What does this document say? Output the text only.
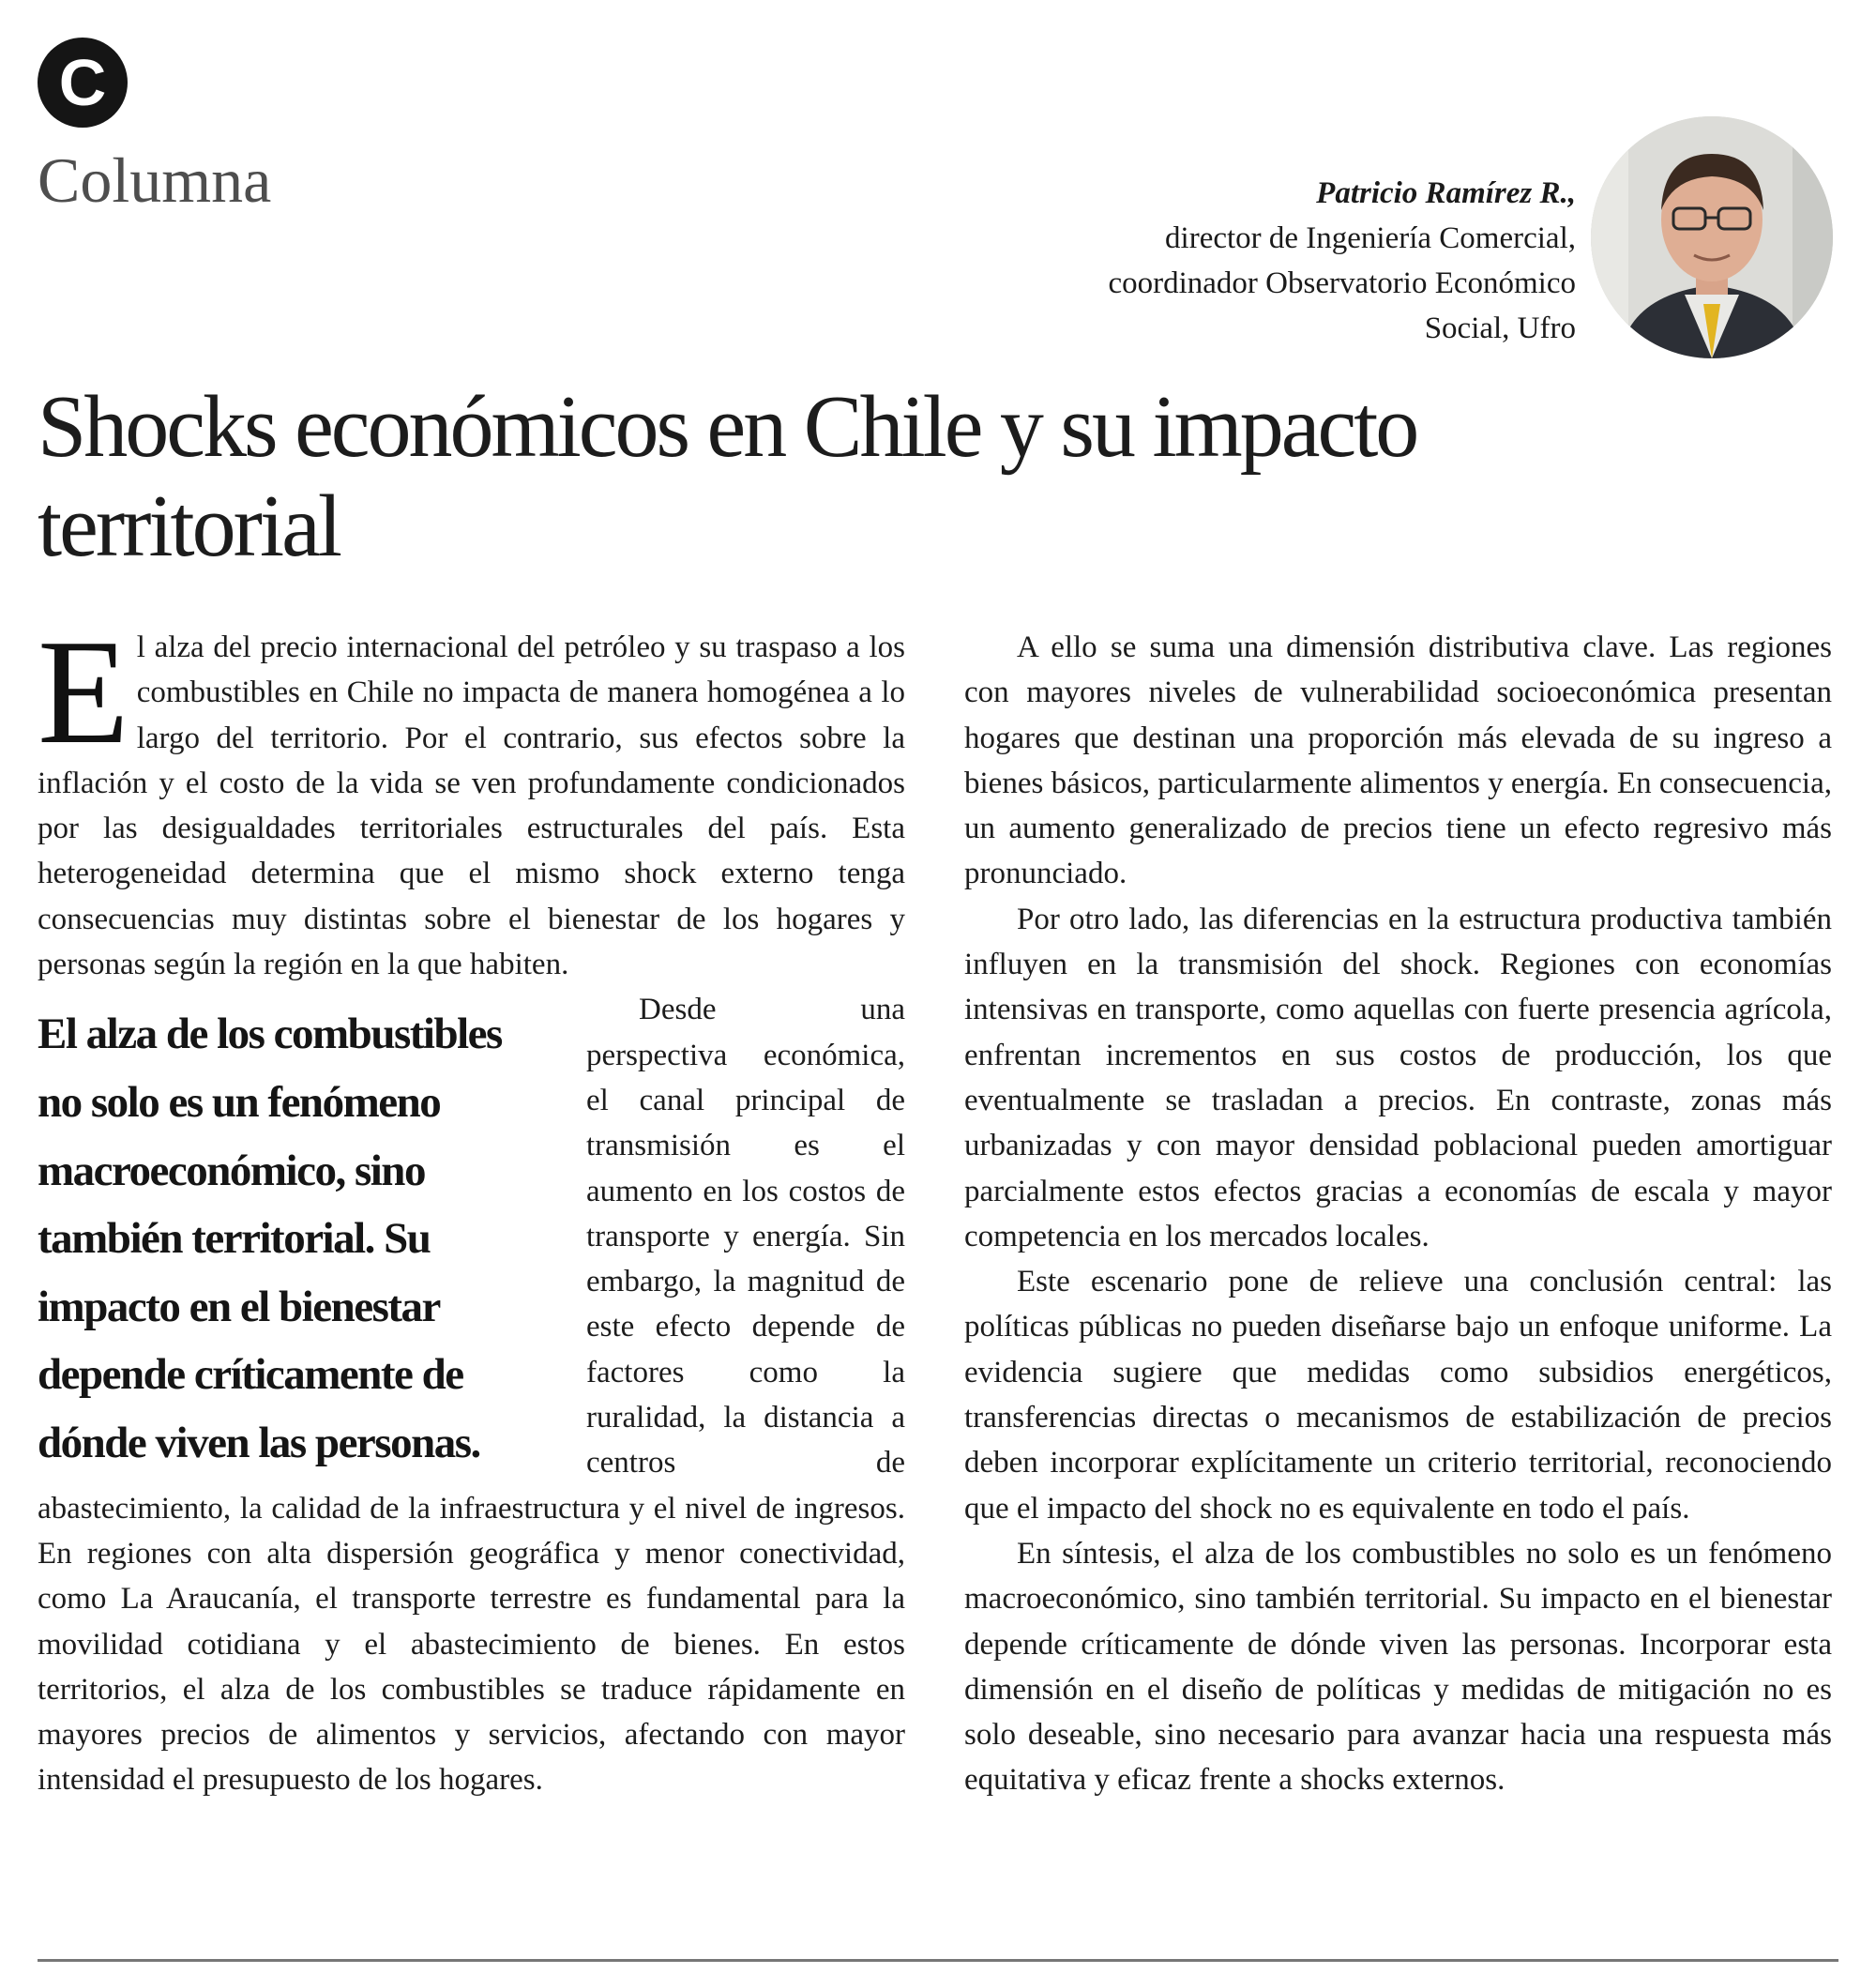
C
Columna	Patricio Ramírez R.,
director de Ingeniería Comercial,
coordinador Observatorio Económico
Social, Ufro
Shocks económicos en Chile y su impacto territorial
E l alza del precio internacional del petróleo y su traspaso a los combustibles en Chile no impacta de manera homogénea a lo largo del territorio. Por el contrario, sus efectos sobre la inflación y el costo de la vida se ven profundamente condicionados por las desigualdades territoriales estructurales del país. Esta heterogeneidad determina que el mismo shock externo tenga consecuencias muy distintas sobre el bienestar de los hogares y personas según la región en la que habiten.

El alza de los combustibles no solo es un fenómeno macroeconómico, sino también territorial. Su impacto en el bienestar depende críticamente de dónde viven las personas.

Desde una perspectiva económica, el canal principal de transmisión es el aumento en los costos de transporte y energía. Sin embargo, la magnitud de este efecto depende de factores como la ruralidad, la distancia a centros de abastecimiento, la calidad de la infraestructura y el nivel de ingresos. En regiones con alta dispersión geográfica y menor conectividad, como La Araucanía, el transporte terrestre es fundamental para la movilidad cotidiana y el abastecimiento de bienes. En estos territorios, el alza de los combustibles se traduce rápidamente en mayores precios de alimentos y servicios, afectando con mayor intensidad el presupuesto de los hogares.

A ello se suma una dimensión distributiva clave. Las regiones con mayores niveles de vulnerabilidad socioeconómica presentan hogares que destinan una proporción más elevada de su ingreso a bienes básicos, particularmente alimentos y energía. En consecuencia, un aumento generalizado de precios tiene un efecto regresivo más pronunciado.

Por otro lado, las diferencias en la estructura productiva también influyen en la transmisión del shock. Regiones con economías intensivas en transporte, como aquellas con fuerte presencia agrícola, enfrentan incrementos en sus costos de producción, los que eventualmente se trasladan a precios. En contraste, zonas más urbanizadas y con mayor densidad poblacional pueden amortiguar parcialmente estos efectos gracias a economías de escala y mayor competencia en los mercados locales.

Este escenario pone de relieve una conclusión central: las políticas públicas no pueden diseñarse bajo un enfoque uniforme. La evidencia sugiere que medidas como subsidios energéticos, transferencias directas o mecanismos de estabilización de precios deben incorporar explícitamente un criterio territorial, reconociendo que el impacto del shock no es equivalente en todo el país.

En síntesis, el alza de los combustibles no solo es un fenómeno macroeconómico, sino también territorial. Su impacto en el bienestar depende críticamente de dónde viven las personas. Incorporar esta dimensión en el diseño de políticas y medidas de mitigación no es solo deseable, sino necesario para avanzar hacia una respuesta más equitativa y eficaz frente a shocks externos.
